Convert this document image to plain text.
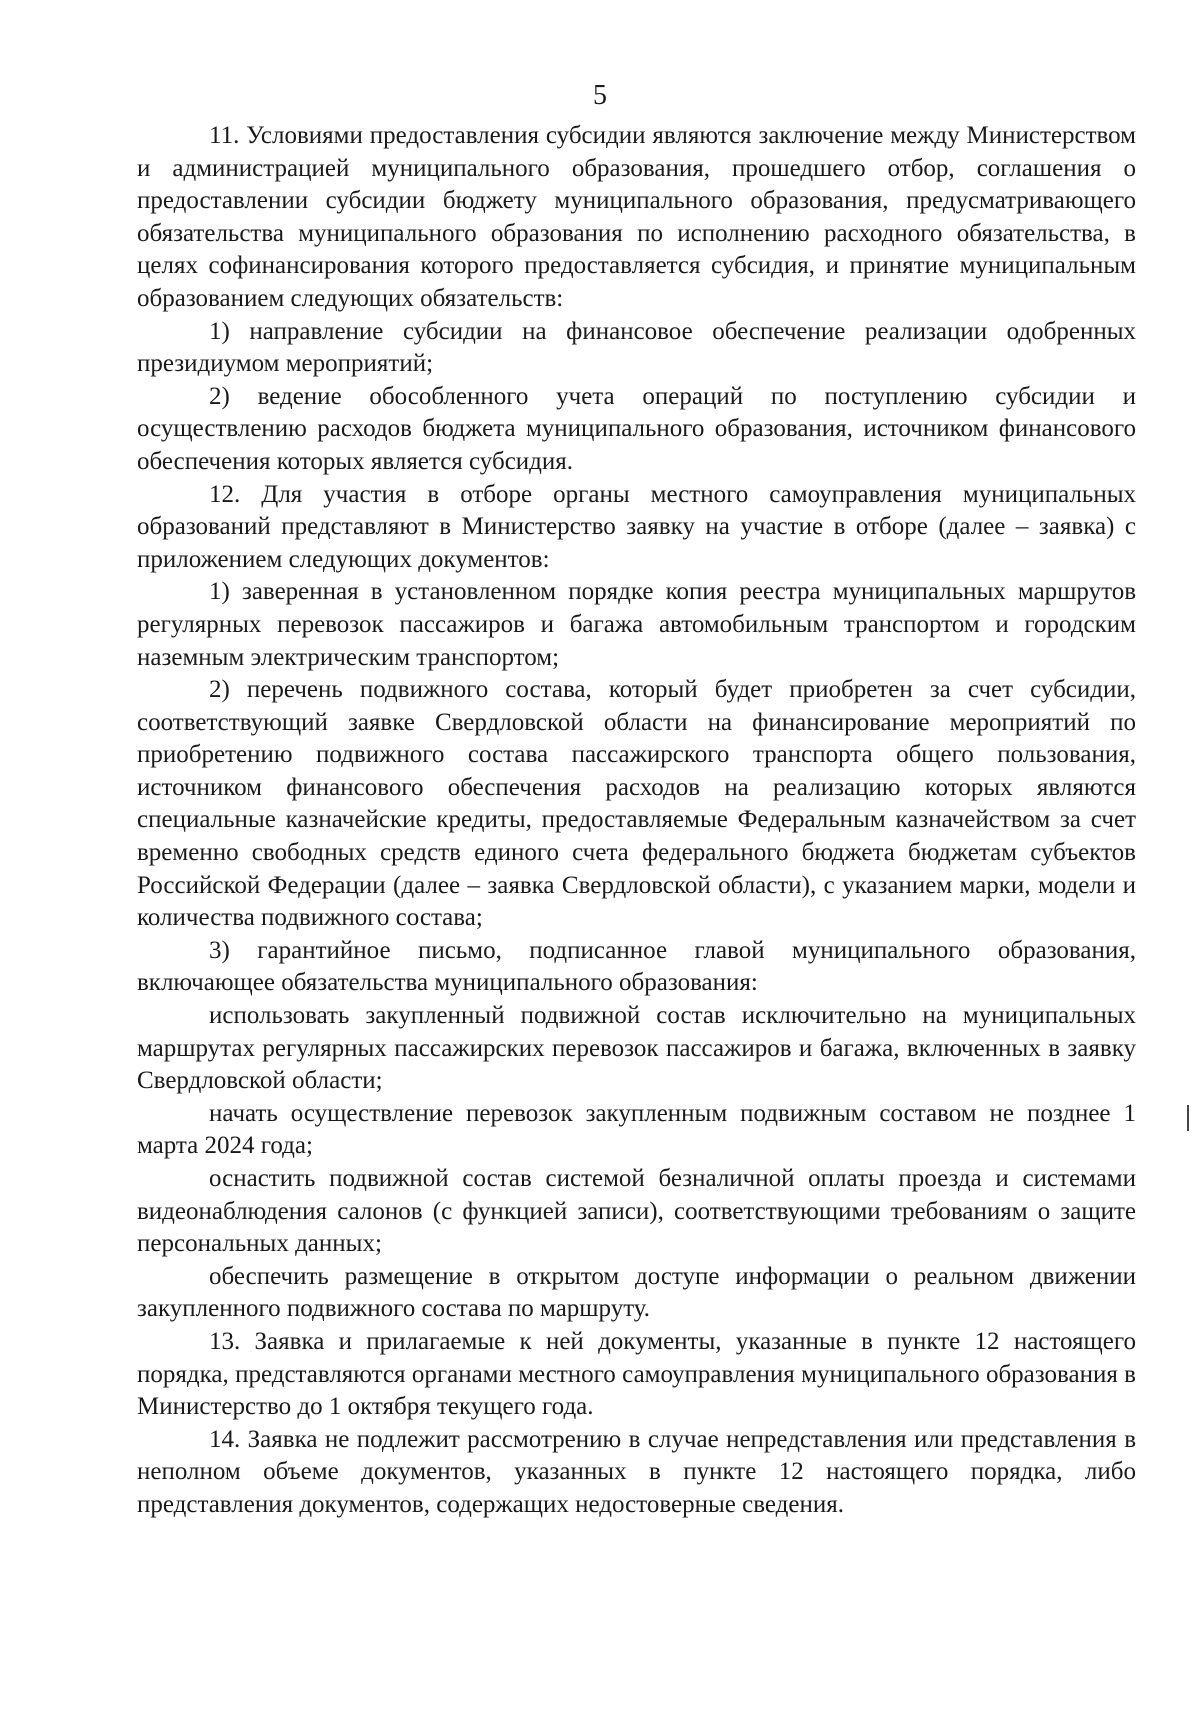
5

11. Условиями предоставления субсидии являются заключение между Министерством и администрацией муниципального образования, прошедшего отбор, соглашения о предоставлении субсидии бюджету муниципального образования, предусматривающего обязательства муниципального образования по исполнению расходного обязательства, в целях софинансирования которого предоставляется субсидия, и принятие муниципальным образованием следующих обязательств:

1) направление субсидии на финансовое обеспечение реализации одобренных президиумом мероприятий;

2) ведение обособленного учета операций по поступлению субсидии и осуществлению расходов бюджета муниципального образования, источником финансового обеспечения которых является субсидия.

12. Для участия в отборе органы местного самоуправления муниципальных образований представляют в Министерство заявку на участие в отборе (далее – заявка) с приложением следующих документов:

1) заверенная в установленном порядке копия реестра муниципальных маршрутов регулярных перевозок пассажиров и багажа автомобильным транспортом и городским наземным электрическим транспортом;

2) перечень подвижного состава, который будет приобретен за счет субсидии, соответствующий заявке Свердловской области на финансирование мероприятий по приобретению подвижного состава пассажирского транспорта общего пользования, источником финансового обеспечения расходов на реализацию которых являются специальные казначейские кредиты, предоставляемые Федеральным казначейством за счет временно свободных средств единого счета федерального бюджета бюджетам субъектов Российской Федерации (далее – заявка Свердловской области), с указанием марки, модели и количества подвижного состава;

3) гарантийное письмо, подписанное главой муниципального образования, включающее обязательства муниципального образования:

использовать закупленный подвижной состав исключительно на муниципальных маршрутах регулярных пассажирских перевозок пассажиров и багажа, включенных в заявку Свердловской области;

начать осуществление перевозок закупленным подвижным составом не позднее 1 марта 2024 года;

оснастить подвижной состав системой безналичной оплаты проезда и системами видеонаблюдения салонов (с функцией записи), соответствующими требованиям о защите персональных данных;

обеспечить размещение в открытом доступе информации о реальном движении закупленного подвижного состава по маршруту.

13. Заявка и прилагаемые к ней документы, указанные в пункте 12 настоящего порядка, представляются органами местного самоуправления муниципального образования в Министерство до 1 октября текущего года.

14. Заявка не подлежит рассмотрению в случае непредставления или представления в неполном объеме документов, указанных в пункте 12 настоящего порядка, либо представления документов, содержащих недостоверные сведения.
